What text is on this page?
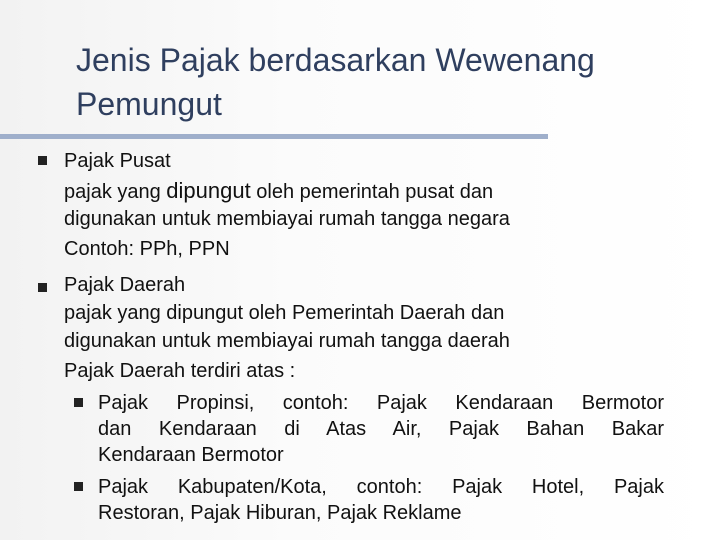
Jenis Pajak berdasarkan Wewenang Pemungut
Pajak Pusat
pajak yang dipungut oleh pemerintah pusat dan
digunakan untuk membiayai rumah tangga negara
Contoh: PPh, PPN
Pajak Daerah
pajak yang dipungut oleh Pemerintah Daerah dan
digunakan untuk membiayai rumah tangga daerah
Pajak Daerah terdiri atas :
Pajak Propinsi, contoh: Pajak Kendaraan Bermotor
dan Kendaraan di Atas Air, Pajak Bahan Bakar
Kendaraan Bermotor
Pajak Kabupaten/Kota, contoh: Pajak Hotel, Pajak
Restoran, Pajak Hiburan, Pajak Reklame
